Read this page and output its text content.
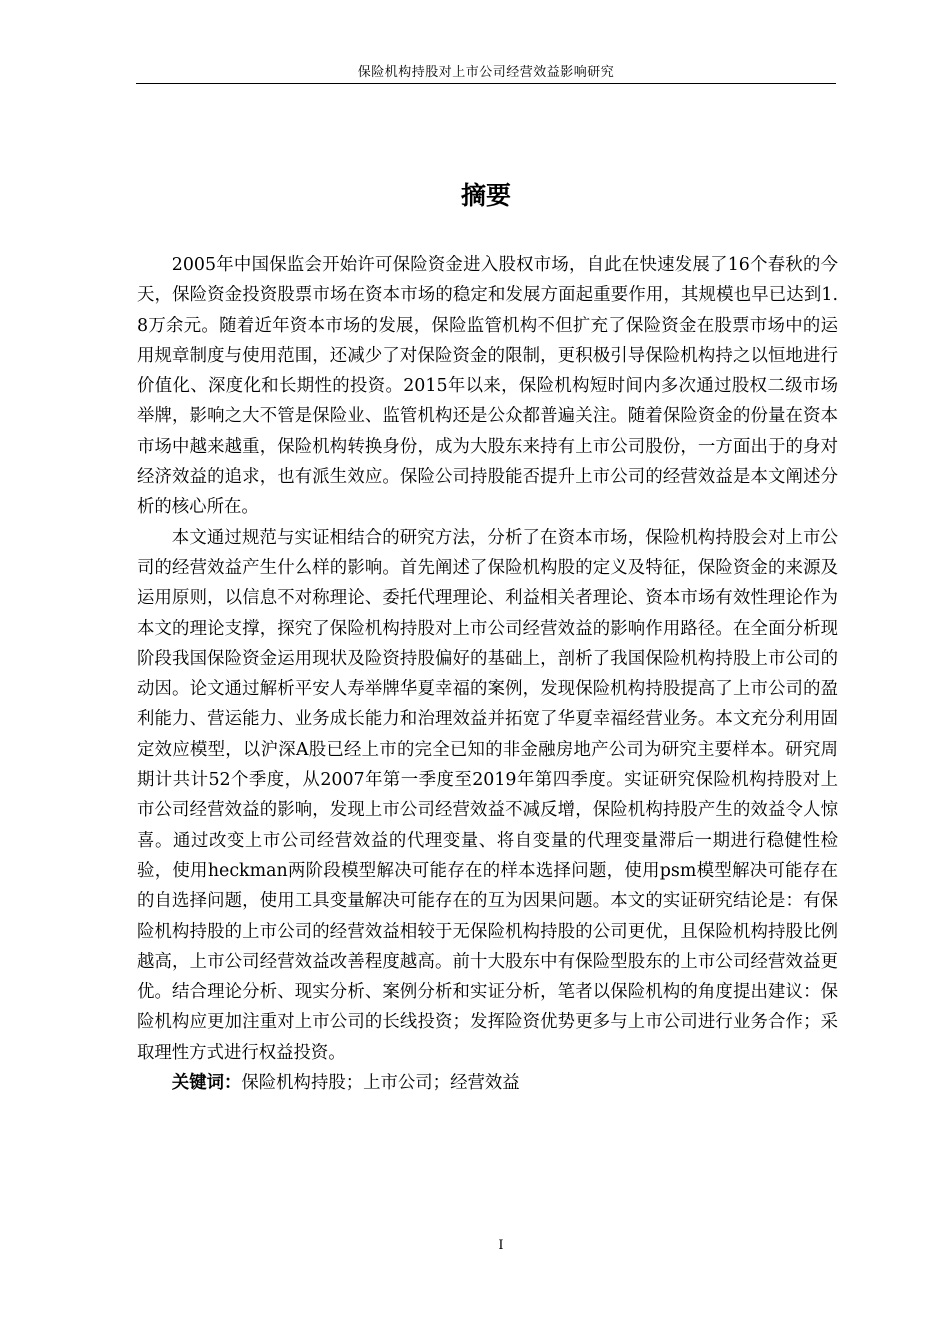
保险机构持股对上市公司经营效益影响研究
摘要

2005年中国保监会开始许可保险资金进入股权市场，自此在快速发展了16个春秋的今天，保险资金投资股票市场在资本市场的稳定和发展方面起重要作用，其规模也早已达到1.8万余元。随着近年资本市场的发展，保险监管机构不但扩充了保险资金在股票市场中的运用规章制度与使用范围，还减少了对保险资金的限制，更积极引导保险机构持之以恒地进行价值化、深度化和长期性的投资。2015年以来，保险机构短时间内多次通过股权二级市场举牌，影响之大不管是保险业、监管机构还是公众都普遍关注。随着保险资金的份量在资本市场中越来越重，保险机构转换身份，成为大股东来持有上市公司股份，一方面出于的身对经济效益的追求，也有派生效应。保险公司持股能否提升上市公司的经营效益是本文阐述分析的核心所在。

本文通过规范与实证相结合的研究方法，分析了在资本市场，保险机构持股会对上市公司的经营效益产生什么样的影响。首先阐述了保险机构股的定义及特征，保险资金的来源及运用原则，以信息不对称理论、委托代理理论、利益相关者理论、资本市场有效性理论作为本文的理论支撑，探究了保险机构持股对上市公司经营效益的影响作用路径。在全面分析现阶段我国保险资金运用现状及险资持股偏好的基础上，剖析了我国保险机构持股上市公司的动因。论文通过解析平安人寿举牌华夏幸福的案例，发现保险机构持股提高了上市公司的盈利能力、营运能力、业务成长能力和治理效益并拓宽了华夏幸福经营业务。本文充分利用固定效应模型，以沪深A股已经上市的完全已知的非金融房地产公司为研究主要样本。研究周期计共计52个季度，从2007年第一季度至2019年第四季度。实证研究保险机构持股对上市公司经营效益的影响，发现上市公司经营效益不减反增，保险机构持股产生的效益令人惊喜。通过改变上市公司经营效益的代理变量、将自变量的代理变量滞后一期进行稳健性检验，使用heckman两阶段模型解决可能存在的样本选择问题，使用psm模型解决可能存在的自选择问题，使用工具变量解决可能存在的互为因果问题。本文的实证研究结论是：有保险机构持股的上市公司的经营效益相较于无保险机构持股的公司更优，且保险机构持股比例越高，上市公司经营效益改善程度越高。前十大股东中有保险型股东的上市公司经营效益更优。结合理论分析、现实分析、案例分析和实证分析，笔者以保险机构的角度提出建议：保险机构应更加注重对上市公司的长线投资；发挥险资优势更多与上市公司进行业务合作；采取理性方式进行权益投资。

关键词：保险机构持股；上市公司；经营效益

I
